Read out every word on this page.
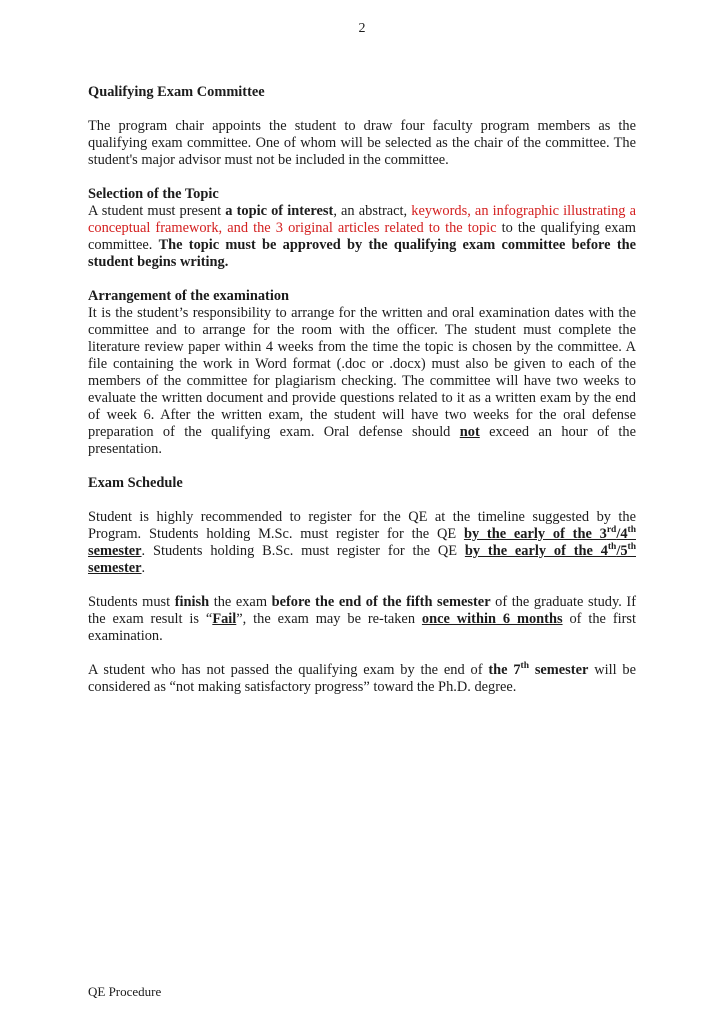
2
Qualifying Exam Committee
The program chair appoints the student to draw four faculty program members as the qualifying exam committee. One of whom will be selected as the chair of the committee. The student's major advisor must not be included in the committee.
Selection of the Topic
A student must present a topic of interest, an abstract, keywords, an infographic illustrating a conceptual framework, and the 3 original articles related to the topic to the qualifying exam committee. The topic must be approved by the qualifying exam committee before the student begins writing.
Arrangement of the examination
It is the student’s responsibility to arrange for the written and oral examination dates with the committee and to arrange for the room with the officer. The student must complete the literature review paper within 4 weeks from the time the topic is chosen by the committee. A file containing the work in Word format (.doc or .docx) must also be given to each of the members of the committee for plagiarism checking. The committee will have two weeks to evaluate the written document and provide questions related to it as a written exam by the end of week 6. After the written exam, the student will have two weeks for the oral defense preparation of the qualifying exam. Oral defense should not exceed an hour of the presentation.
Exam Schedule
Student is highly recommended to register for the QE at the timeline suggested by the Program. Students holding M.Sc. must register for the QE by the early of the 3rd/4th semester. Students holding B.Sc. must register for the QE by the early of the 4th/5th semester.
Students must finish the exam before the end of the fifth semester of the graduate study. If the exam result is “Fail”, the exam may be re-taken once within 6 months of the first examination.
A student who has not passed the qualifying exam by the end of the 7th semester will be considered as “not making satisfactory progress” toward the Ph.D. degree.
QE Procedure
